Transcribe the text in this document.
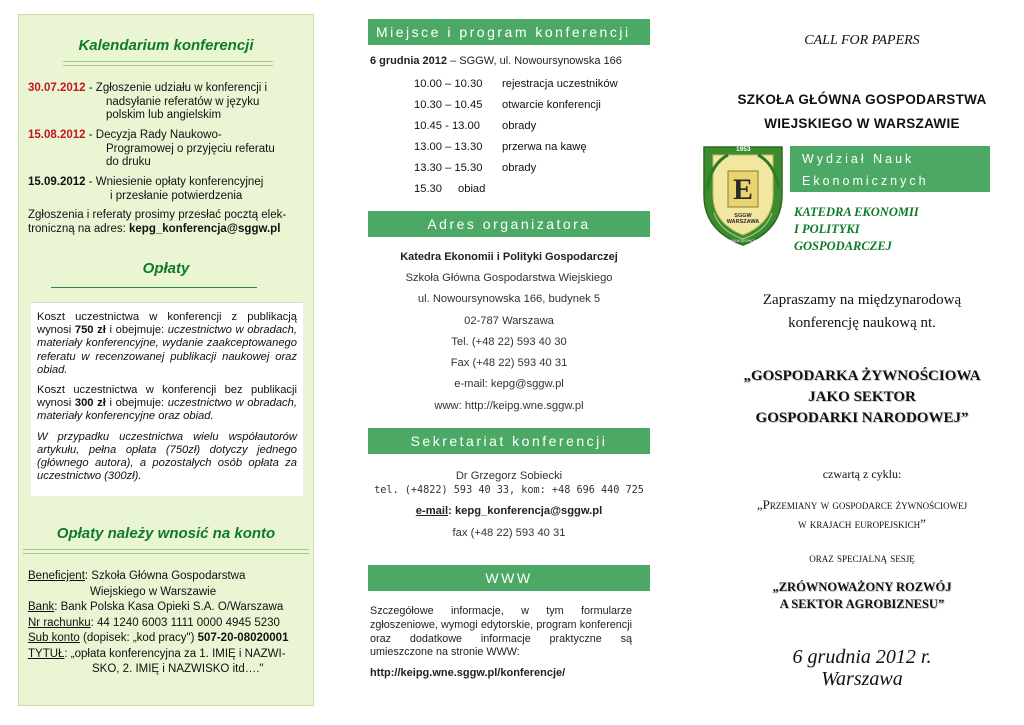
Kalendarium konferencji
30.07.2012 - Zgłoszenie udziału w konferencji i
nadsyłanie referatów w języku
polskim lub angielskim
15.08.2012 - Decyzja Rady Naukowo-
Programowej o przyjęciu referatu
do druku
15.09.2012 - Wniesienie opłaty konferencyjnej
i przesłanie potwierdzenia
Zgłoszenia i referaty prosimy przesłać pocztą elek-
troniczną na adres: kepg_konferencja@sggw.pl
Opłaty

Koszt uczestnictwa w konferencji z publikacją wynosi 750 zł i obejmuje: uczestnictwo w obradach, materiały konferencyjne, wydanie zaakceptowanego referatu w recenzowanej publikacji naukowej oraz obiad.

Koszt uczestnictwa w konferencji bez publikacji wynosi 300 zł i obejmuje: uczestnictwo w obradach, materiały konferencyjne oraz obiad.

W przypadku uczestnictwa wielu współautorów artykułu, pełna opłata (750zł) dotyczy jednego (głównego autora), a pozostałych osób opłata za uczestnictwo (300zł).

Opłaty należy wnosić na konto
Beneficjent: Szkoła Główna Gospodarstwa
Wiejskiego w Warszawie
Bank: Bank Polska Kasa Opieki S.A. O/Warszawa
Nr rachunku: 44 1240 6003 1111 0000 4945 5230
Sub konto (dopisek: „kod pracy") 507-20-08020001
TYTUŁ: „opłata konferencyjna za 1. IMIĘ i NAZWI-
SKO, 2. IMIĘ i NAZWISKO itd…."
Miejsce i program konferencji
6 grudnia 2012 – SGGW, ul. Nowoursynowska 166
10.00 – 10.30 rejestracja uczestników
10.30 – 10.45 otwarcie konferencji
10.45 - 13.00 obrady
13.00 – 13.30 przerwa na kawę
13.30 – 15.30 obrady
15.30 obiad
Adres organizatora
Katedra Ekonomii i Polityki Gospodarczej
Szkoła Główna Gospodarstwa Wiejskiego
ul. Nowoursynowska 166, budynek 5
02-787 Warszawa
Tel. (+48 22) 593 40 30
Fax (+48 22) 593 40 31
e-mail: kepg@sggw.pl
www: http://keipg.wne.sggw.pl
Sekretariat konferencji
Dr Grzegorz Sobiecki
tel. (+4822) 593 40 33, kom: +48 696 440 725
e-mail: kepg_konferencja@sggw.pl
fax (+48 22) 593 40 31
WWW
Szczegółowe informacje, w tym formularze zgłoszeniowe, wymogi edytorskie, program konferencji oraz dodatkowe informacje praktyczne są umieszczone na stronie WWW:
http://keipg.wne.sggw.pl/konferencje/
CALL FOR PAPERS
SZKOŁA GŁÓWNA GOSPODARSTWA
WIEJSKIEGO W WARSZAWIE
1953
E
SGGW WARSZAWA
WYDZIAŁ NAUK EKONOMICZNYCH
Wydział Nauk
Ekonomicznych
KATEDRA EKONOMII
I POLITYKI
GOSPODARCZEJ
Zapraszamy na międzynarodową
konferencję naukową nt.
„GOSPODARKA ŻYWNOŚCIOWA
JAKO SEKTOR
GOSPODARKI NARODOWEJ”
czwartą z cyklu:
„Przemiany w gospodarce żywnościowej
w krajach europejskich”
oraz specjalną sesję
„ZRÓWNOWAŻONY ROZWÓJ
A SEKTOR AGROBIZNESU”
6 grudnia 2012 r.
Warszawa
